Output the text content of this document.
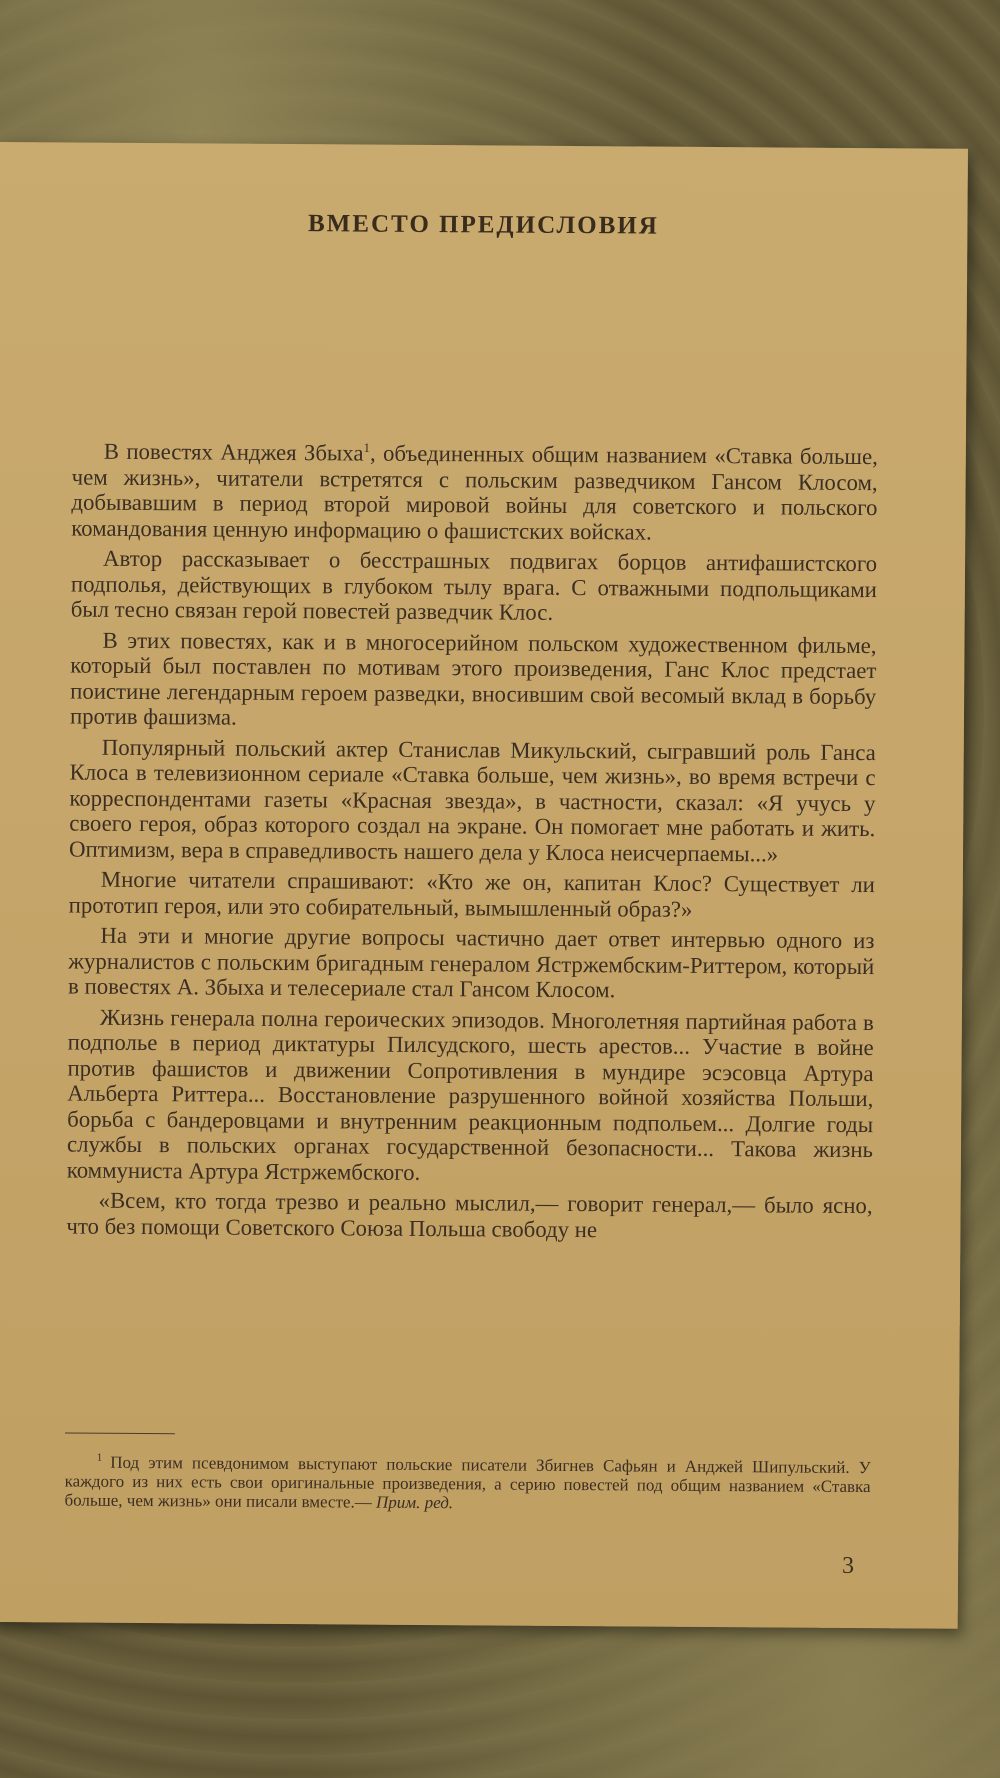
ВМЕСТО ПРЕДИСЛОВИЯ

В повестях Анджея Збыха$^1$, объединенных общим названием «Ставка больше, чем жизнь», читатели встретятся с польским разведчиком Гансом Клосом, добывавшим в период второй мировой войны для советского и польского командования ценную информацию о фашистских войсках.

Автор рассказывает о бесстрашных подвигах борцов антифашистского подполья, действующих в глубоком тылу врага. С отважными подпольщиками был тесно связан герой повестей разведчик Клос.

В этих повестях, как и в многосерийном польском художественном фильме, который был поставлен по мотивам этого произведения, Ганс Клос предстает поистине легендарным героем разведки, вносившим свой весомый вклад в борьбу против фашизма.

Популярный польский актер Станислав Микульский, сыгравший роль Ганса Клоса в телевизионном сериале «Ставка больше, чем жизнь», во время встречи с корреспондентами газеты «Красная звезда», в частности, сказал: «Я учусь у своего героя, образ которого создал на экране. Он помогает мне работать и жить. Оптимизм, вера в справедливость нашего дела у Клоса неисчерпаемы...»

Многие читатели спрашивают: «Кто же он, капитан Клос? Существует ли прототип героя, или это собирательный, вымышленный образ?»

На эти и многие другие вопросы частично дает ответ интервью одного из журналистов с польским бригадным генералом Ястржембским-Риттером, который в повестях А. Збыха и телесериале стал Гансом Клосом.

Жизнь генерала полна героических эпизодов. Многолетняя партийная работа в подполье в период диктатуры Пилсудского, шесть арестов... Участие в войне против фашистов и движении Сопротивления в мундире эсэсовца Артура Альберта Риттера... Восстановление разрушенного войной хозяйства Польши, борьба с бандеровцами и внутренним реакционным подпольем... Долгие годы службы в польских органах государственной безопасности... Такова жизнь коммуниста Артура Ястржембского.

«Всем, кто тогда трезво и реально мыслил,— говорит генерал,— было ясно, что без помощи Советского Союза Польша свободу не

$^1$ Под этим псевдонимом выступают польские писатели Збигнев Сафьян и Анджей Шипульский. У каждого из них есть свои оригинальные произведения, а серию повестей под общим названием «Ставка больше, чем жизнь» они писали вместе.— Прим. ред.
3
